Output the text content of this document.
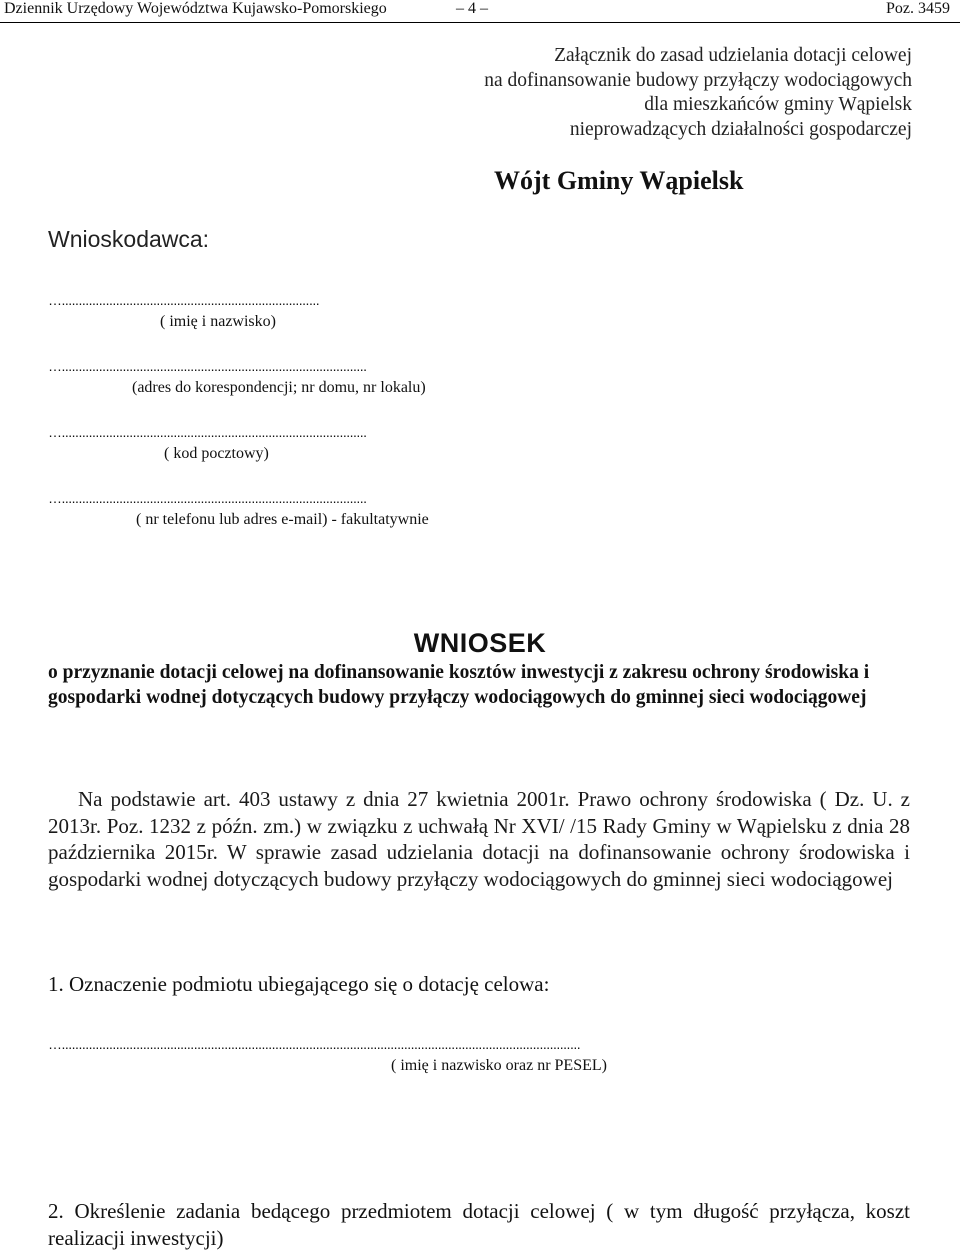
Dziennik Urzędowy Województwa Kujawsko-Pomorskiego	– 4 –	Poz. 3459
Załącznik do zasad udzielania dotacji celowej
na dofinansowanie budowy przyłączy wodociągowych
dla mieszkańców gminy Wąpielsk
nieprowadzących działalności gospodarczej
Wójt Gminy Wąpielsk
Wnioskodawca:
…............................................................................
( imię i nazwisko)
…..........................................................................................
(adres do korespondencji; nr domu, nr lokalu)
…..........................................................................................
( kod pocztowy)
…..........................................................................................
( nr telefonu lub adres e-mail) - fakultatywnie
WNIOSEK
o przyznanie dotacji celowej na dofinansowanie kosztów inwestycji z zakresu ochrony środowiska i gospodarki wodnej dotyczących budowy przyłączy wodociągowych do gminnej sieci wodociągowej
Na podstawie art. 403 ustawy z dnia 27 kwietnia 2001r. Prawo ochrony środowiska ( Dz. U. z 2013r. Poz. 1232 z późn. zm.) w związku z uchwałą Nr XVI/ /15 Rady Gminy w Wąpielsku z dnia 28 października 2015r. W sprawie zasad udzielania dotacji na dofinansowanie ochrony środowiska i gospodarki wodnej dotyczących budowy przyłączy wodociągowych do gminnej sieci wodociągowej
1. Oznaczenie podmiotu ubiegającego się o dotację celowa:
….........................................................................................................................................................
( imię i nazwisko oraz nr PESEL)
2. Określenie zadania bedącego przedmiotem dotacji celowej ( w tym długość przyłącza, koszt realizacji inwestycji)
